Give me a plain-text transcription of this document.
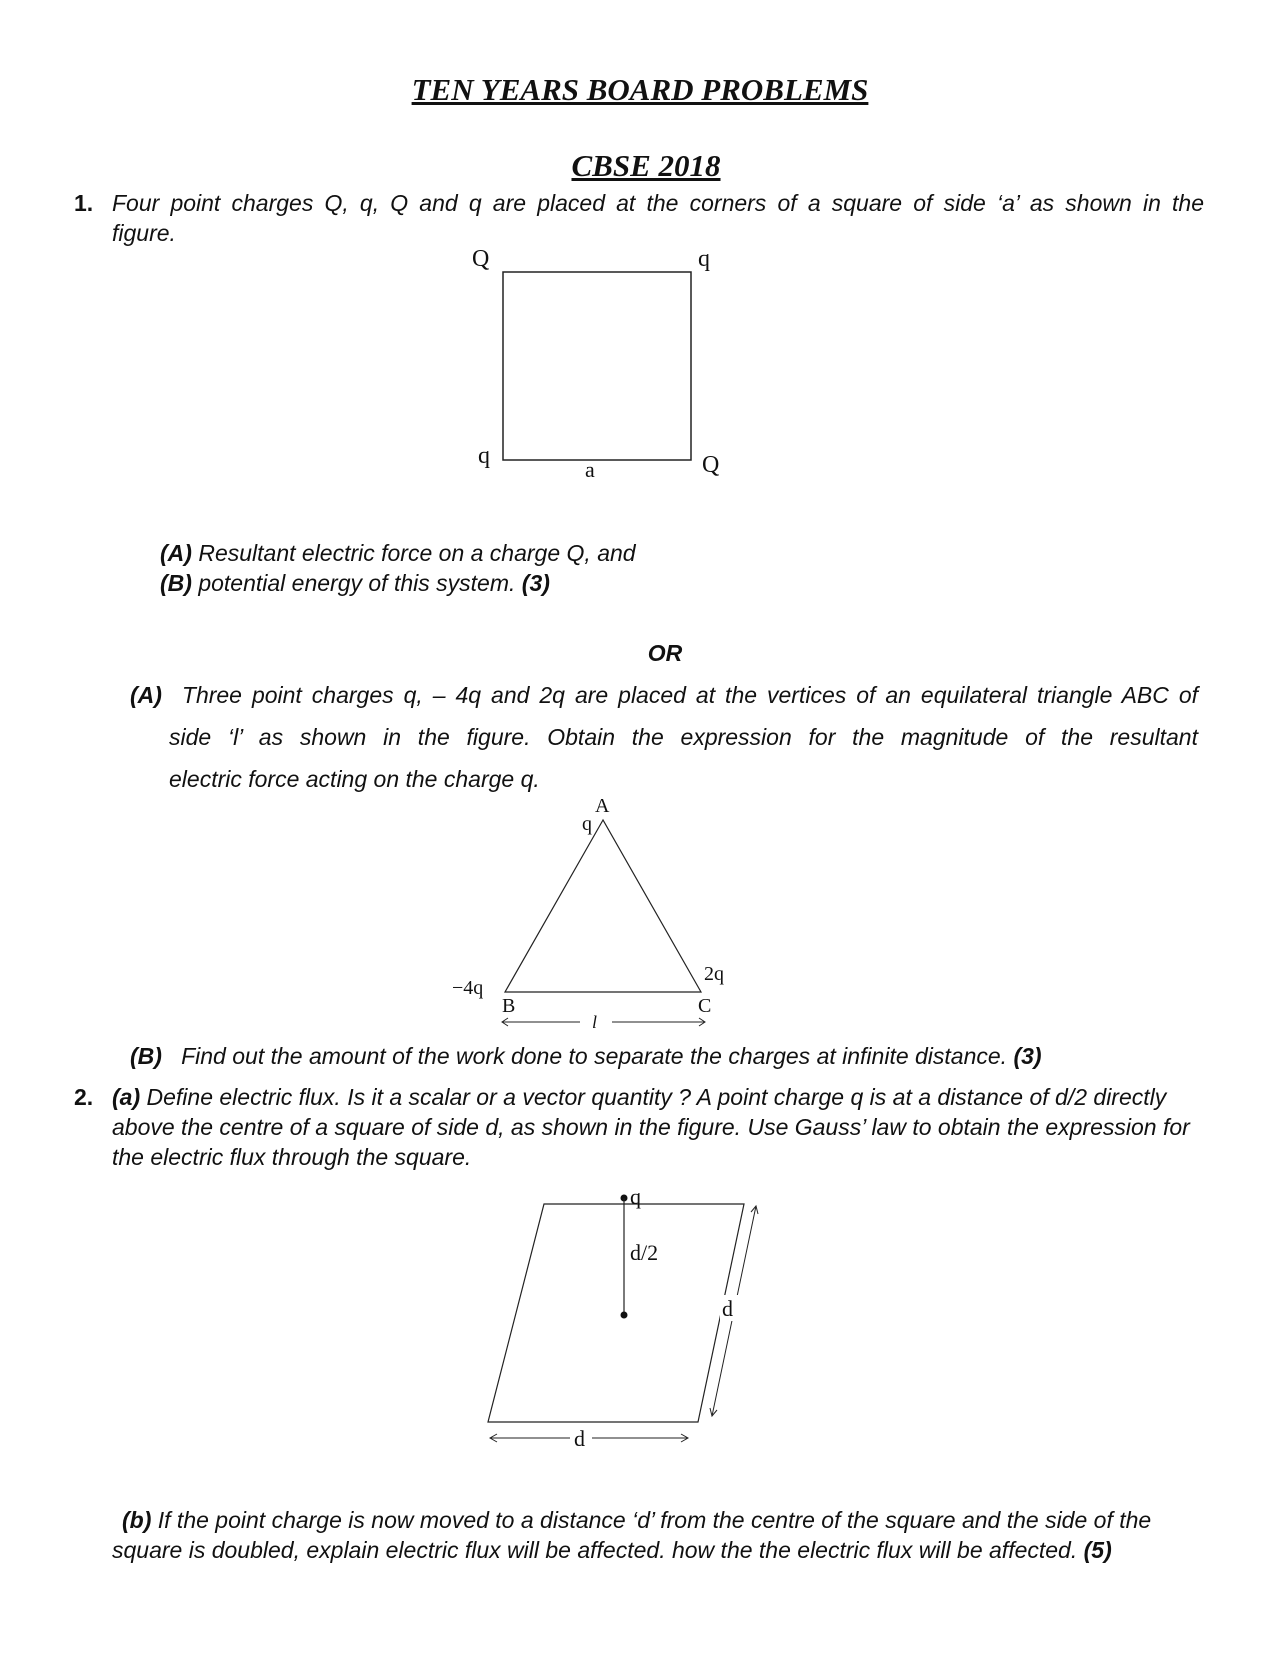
TEN YEARS BOARD PROBLEMS
CBSE 2018
1. Four point charges Q, q, Q and q are placed at the corners of a square of side ‘a’ as shown in the
figure.
Q	q
q	Q
a
(A) Resultant electric force on a charge Q, and
(B) potential energy of this system. (3)
OR
(A) Three point charges q, – 4q and 2q are placed at the vertices of an equilateral triangle ABC of
side ‘l’ as shown in the figure. Obtain the expression for the magnitude of the resultant
electric force acting on the charge q.
A
q
−4q
B
2q
C
l
(B) Find out the amount of the work done to separate the charges at infinite distance. (3)
2. (a) Define electric flux. Is it a scalar or a vector quantity ? A point charge q is at a distance of d/2 directly
above the centre of a square of side d, as shown in the figure. Use Gauss’ law to obtain the expression for
the electric flux through the square.
q
d/2
d
d
(b) If the point charge is now moved to a distance ‘d’ from the centre of the square and the side of the
square is doubled, explain electric flux will be affected. how the the electric flux will be affected. (5)
